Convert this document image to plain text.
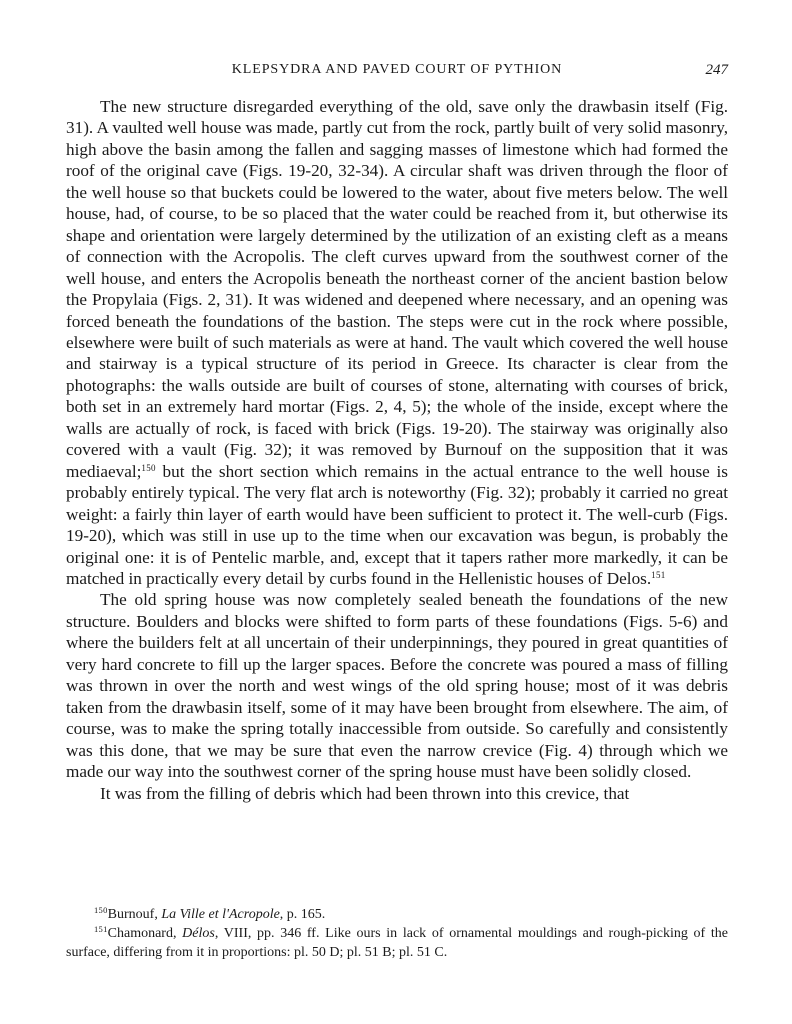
KLEPSYDRA AND PAVED COURT OF PYTHION	247

The new structure disregarded everything of the old, save only the drawbasin itself (Fig. 31). A vaulted well house was made, partly cut from the rock, partly built of very solid masonry, high above the basin among the fallen and sagging masses of limestone which had formed the roof of the original cave (Figs. 19-20, 32-34). A circular shaft was driven through the floor of the well house so that buckets could be lowered to the water, about five meters below. The well house, had, of course, to be so placed that the water could be reached from it, but otherwise its shape and orientation were largely determined by the utilization of an existing cleft as a means of connection with the Acropolis. The cleft curves upward from the southwest corner of the well house, and enters the Acropolis beneath the northeast corner of the ancient bastion below the Propylaia (Figs. 2, 31). It was widened and deepened where necessary, and an opening was forced beneath the foundations of the bastion. The steps were cut in the rock where possible, elsewhere were built of such materials as were at hand. The vault which covered the well house and stairway is a typical structure of its period in Greece. Its character is clear from the photographs: the walls outside are built of courses of stone, alternating with courses of brick, both set in an extremely hard mortar (Figs. 2, 4, 5); the whole of the inside, except where the walls are actually of rock, is faced with brick (Figs. 19-20). The stairway was originally also covered with a vault (Fig. 32); it was removed by Burnouf on the supposition that it was mediaeval;$^{150}$ but the short section which remains in the actual entrance to the well house is probably entirely typical. The very flat arch is noteworthy (Fig. 32); probably it carried no great weight: a fairly thin layer of earth would have been sufficient to protect it. The well-curb (Figs. 19-20), which was still in use up to the time when our excavation was begun, is probably the original one: it is of Pentelic marble, and, except that it tapers rather more markedly, it can be matched in practically every detail by curbs found in the Hellenistic houses of Delos.$^{151}$

The old spring house was now completely sealed beneath the foundations of the new structure. Boulders and blocks were shifted to form parts of these foundations (Figs. 5-6) and where the builders felt at all uncertain of their underpinnings, they poured in great quantities of very hard concrete to fill up the larger spaces. Before the concrete was poured a mass of filling was thrown in over the north and west wings of the old spring house; most of it was debris taken from the drawbasin itself, some of it may have been brought from elsewhere. The aim, of course, was to make the spring totally inaccessible from outside. So carefully and consistently was this done, that we may be sure that even the narrow crevice (Fig. 4) through which we made our way into the southwest corner of the spring house must have been solidly closed.

It was from the filling of debris which had been thrown into this crevice, that

$^{150}$Burnouf, La Ville et l'Acropole, p. 165.

$^{151}$Chamonard, Délos, VIII, pp. 346 ff. Like ours in lack of ornamental mouldings and rough-picking of the surface, differing from it in proportions: pl. 50 D; pl. 51 B; pl. 51 C.
